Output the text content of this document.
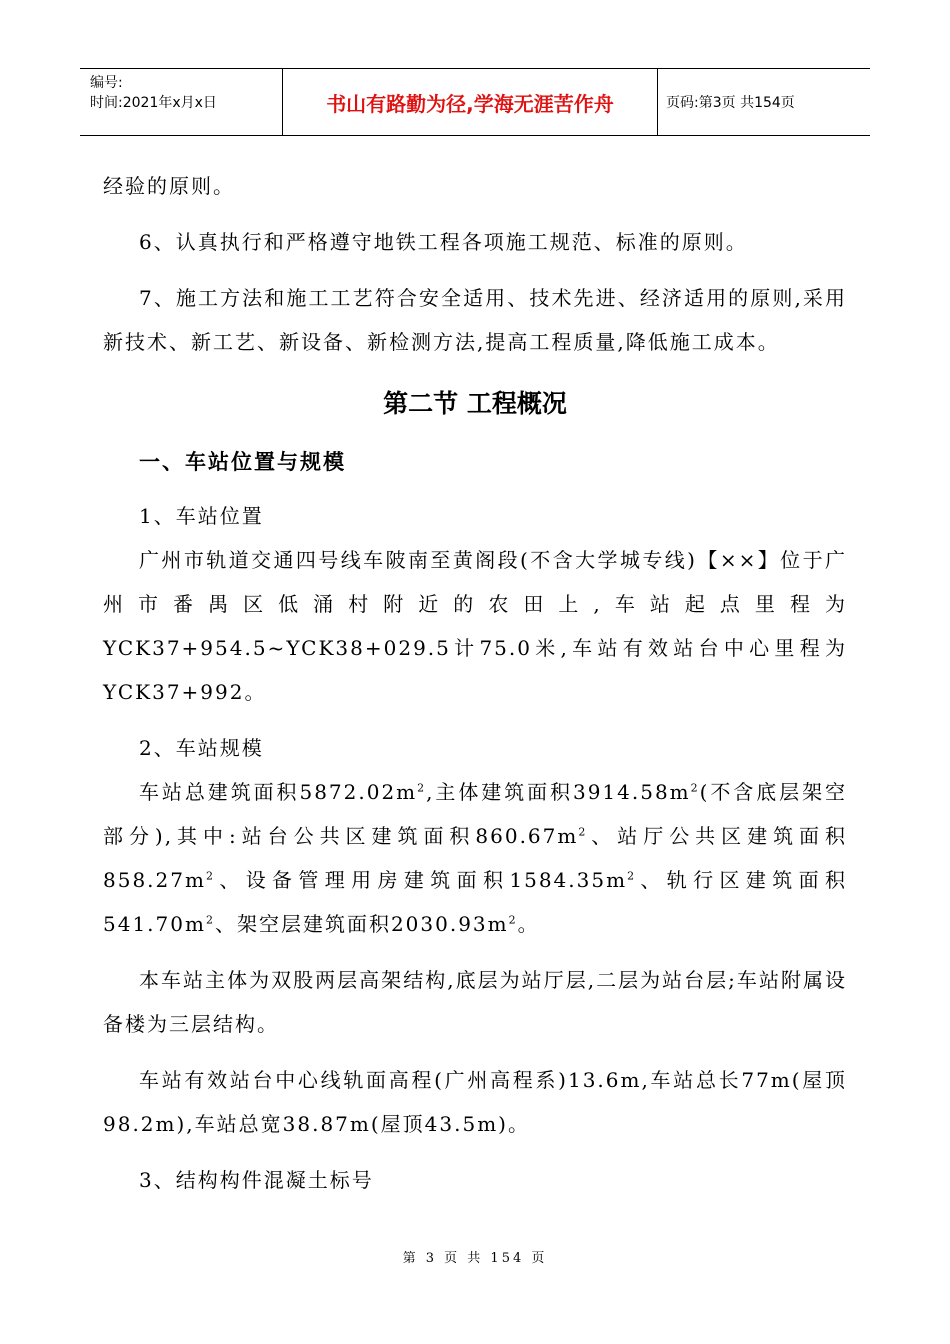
编号:
时间:2021年x月x日	书山有路勤为径,学海无涯苦作舟	页码:第3页 共154页

经验的原则。

6、认真执行和严格遵守地铁工程各项施工规范、标准的原则。

7、施工方法和施工工艺符合安全适用、技术先进、经济适用的原则,采用新技术、新工艺、新设备、新检测方法,提高工程质量,降低施工成本。

第二节 工程概况
一、车站位置与规模

1、车站位置

广州市轨道交通四号线车陂南至黄阁段(不含大学城专线)【××】位于广州市番禺区低涌村附近的农田上,车站起点里程为YCK37+954.5~YCK38+029.5计75.0米,车站有效站台中心里程为YCK37+992。

2、车站规模

车站总建筑面积$5872.02m^2$,主体建筑面积$3914.58m^2$(不含底层架空部分),其中:站台公共区建筑面积$860.67m^2$、站厅公共区建筑面积$858.27m^2$、设备管理用房建筑面积$1584.35m^2$、轨行区建筑面积$541.70m^2$、架空层建筑面积$2030.93m^2$。

本车站主体为双股两层高架结构,底层为站厅层,二层为站台层;车站附属设备楼为三层结构。

车站有效站台中心线轨面高程(广州高程系)13.6m,车站总长77m(屋顶98.2m),车站总宽38.87m(屋顶43.5m)。

3、结构构件混凝土标号

第 3 页 共 154 页
